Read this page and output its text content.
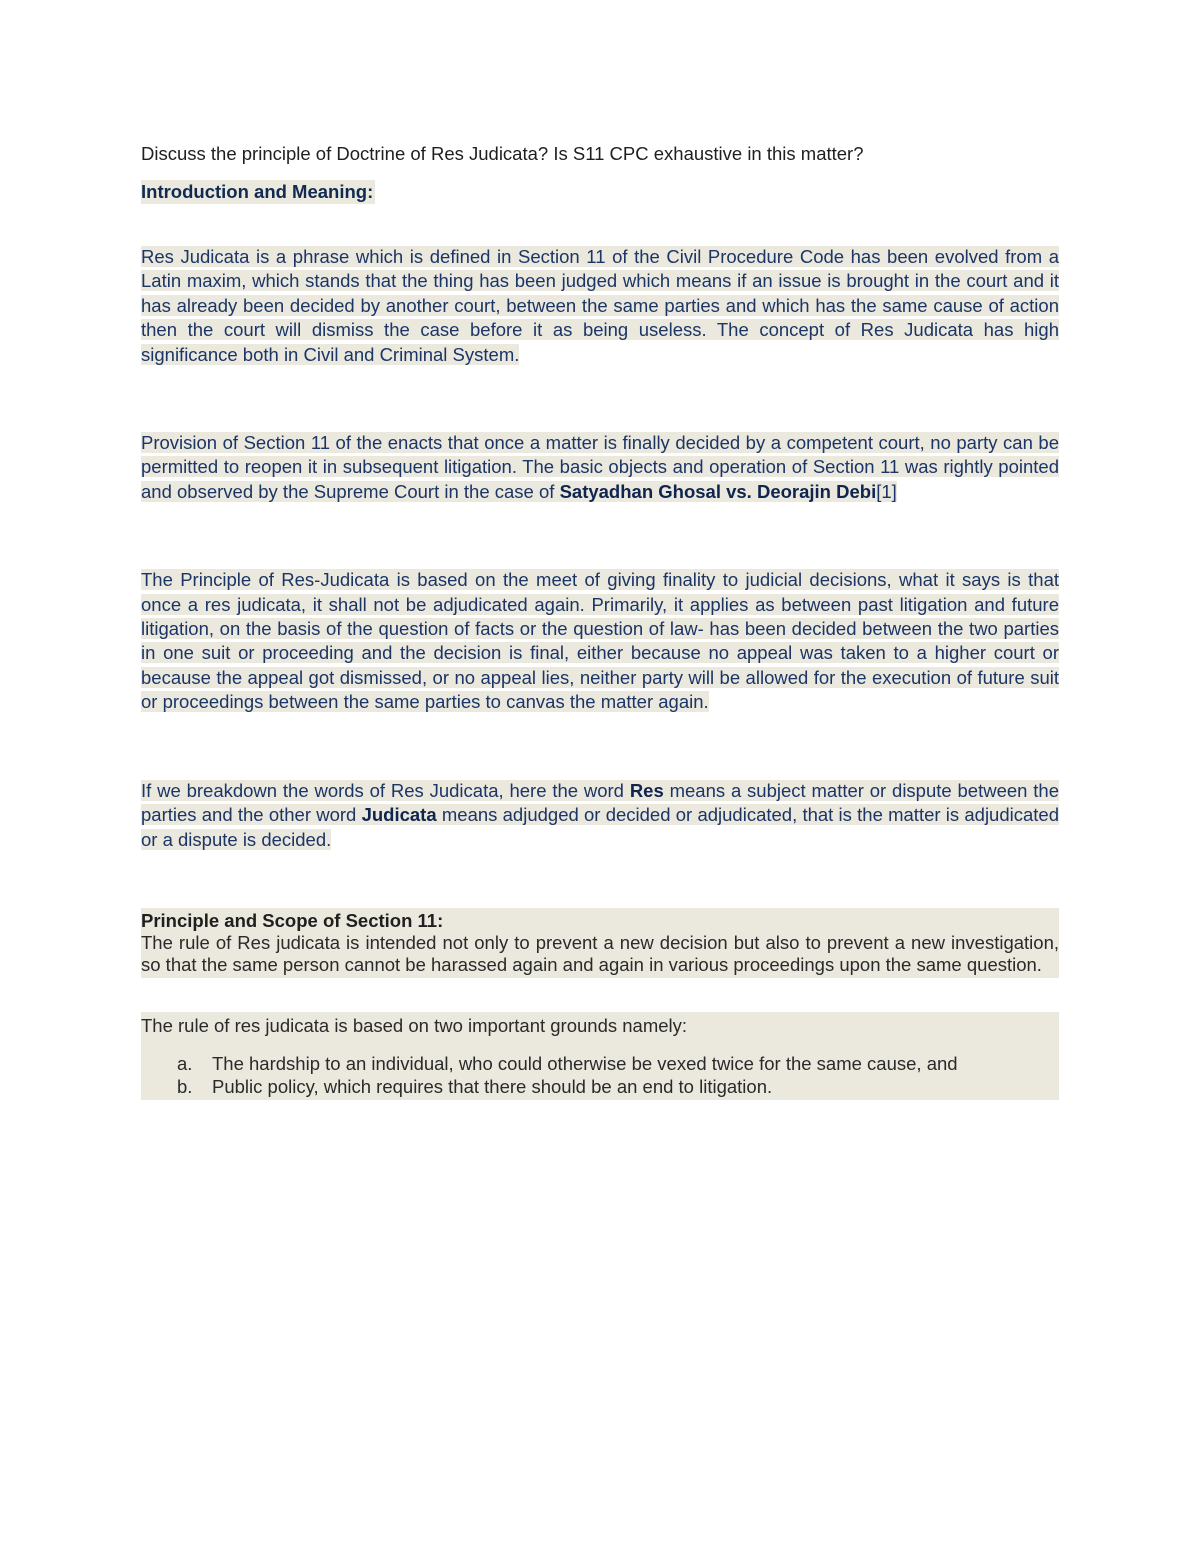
Discuss the principle of Doctrine of Res Judicata? Is S11 CPC exhaustive in this matter?

Introduction and Meaning:

Res Judicata is a phrase which is defined in Section 11 of the Civil Procedure Code has been evolved from a Latin maxim, which stands that the thing has been judged which means if an issue is brought in the court and it has already been decided by another court, between the same parties and which has the same cause of action then the court will dismiss the case before it as being useless. The concept of Res Judicata has high significance both in Civil and Criminal System.

Provision of Section 11 of the enacts that once a matter is finally decided by a competent court, no party can be permitted to reopen it in subsequent litigation. The basic objects and operation of Section 11 was rightly pointed and observed by the Supreme Court in the case of Satyadhan Ghosal vs. Deorajin Debi[1]

The Principle of Res-Judicata is based on the meet of giving finality to judicial decisions, what it says is that once a res judicata, it shall not be adjudicated again. Primarily, it applies as between past litigation and future litigation, on the basis of the question of facts or the question of law- has been decided between the two parties in one suit or proceeding and the decision is final, either because no appeal was taken to a higher court or because the appeal got dismissed, or no appeal lies, neither party will be allowed for the execution of future suit or proceedings between the same parties to canvas the matter again.

If we breakdown the words of Res Judicata, here the word Res means a subject matter or dispute between the parties and the other word Judicata means adjudged or decided or adjudicated, that is the matter is adjudicated or a dispute is decided.

Principle and Scope of Section 11:

The rule of Res judicata is intended not only to prevent a new decision but also to prevent a new investigation, so that the same person cannot be harassed again and again in various proceedings upon the same question.

The rule of res judicata is based on two important grounds namely:

a.	The hardship to an individual, who could otherwise be vexed twice for the same cause, and
b.	Public policy, which requires that there should be an end to litigation.
